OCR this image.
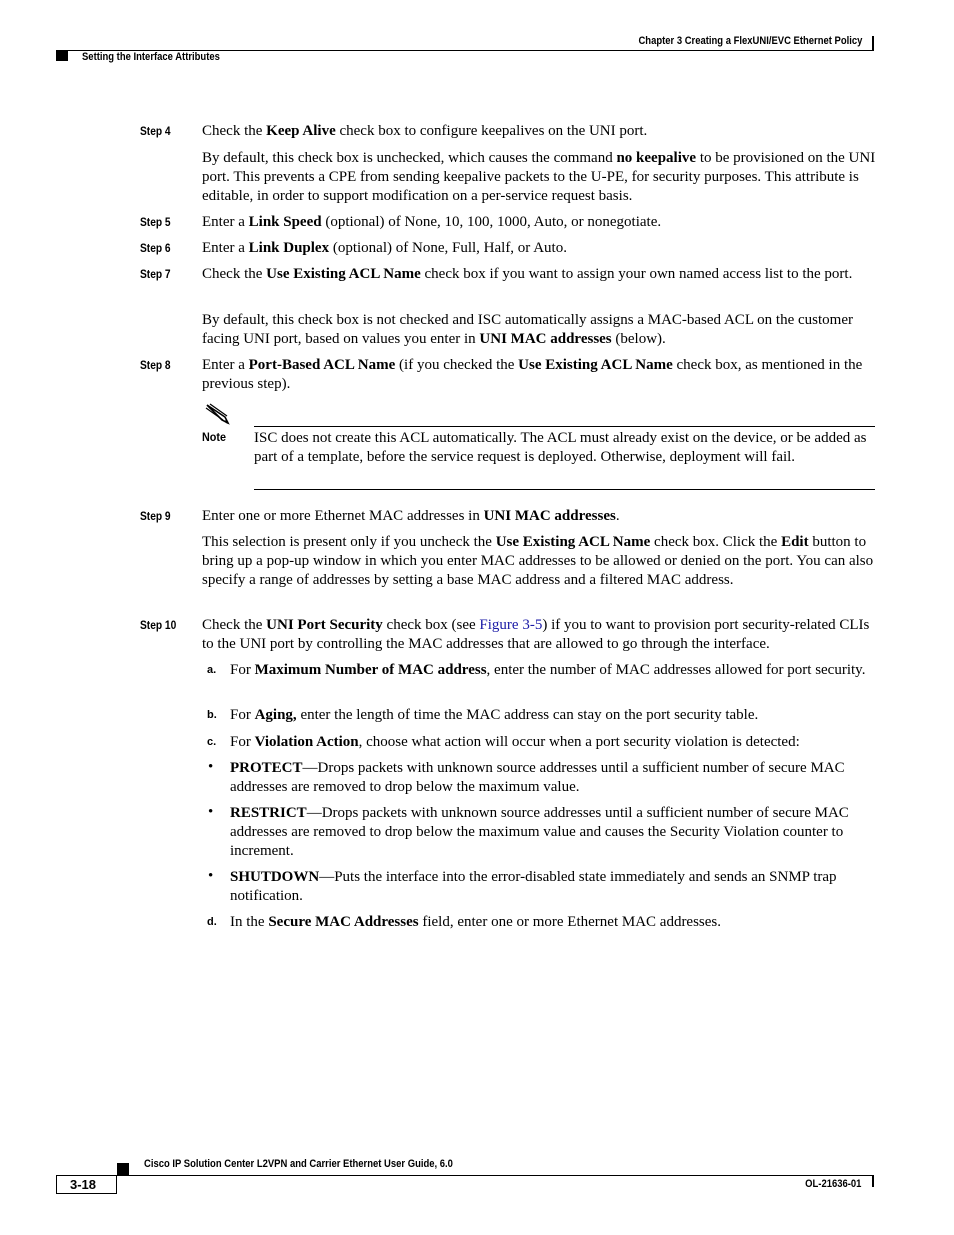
Chapter 3 Creating a FlexUNI/EVC Ethernet Policy
Setting the Interface Attributes
Step 4 Check the Keep Alive check box to configure keepalives on the UNI port.
By default, this check box is unchecked, which causes the command no keepalive to be provisioned on the UNI port. This prevents a CPE from sending keepalive packets to the U-PE, for security purposes. This attribute is editable, in order to support modification on a per-service request basis.
Step 5 Enter a Link Speed (optional) of None, 10, 100, 1000, Auto, or nonegotiate.
Step 6 Enter a Link Duplex (optional) of None, Full, Half, or Auto.
Step 7 Check the Use Existing ACL Name check box if you want to assign your own named access list to the port.
By default, this check box is not checked and ISC automatically assigns a MAC-based ACL on the customer facing UNI port, based on values you enter in UNI MAC addresses (below).
Step 8 Enter a Port-Based ACL Name (if you checked the Use Existing ACL Name check box, as mentioned in the previous step).
Note ISC does not create this ACL automatically. The ACL must already exist on the device, or be added as part of a template, before the service request is deployed. Otherwise, deployment will fail.
Step 9 Enter one or more Ethernet MAC addresses in UNI MAC addresses.
This selection is present only if you uncheck the Use Existing ACL Name check box. Click the Edit button to bring up a pop-up window in which you enter MAC addresses to be allowed or denied on the port. You can also specify a range of addresses by setting a base MAC address and a filtered MAC address.
Step 10 Check the UNI Port Security check box (see Figure 3-5) if you to want to provision port security-related CLIs to the UNI port by controlling the MAC addresses that are allowed to go through the interface.
a. For Maximum Number of MAC address, enter the number of MAC addresses allowed for port security.
b. For Aging, enter the length of time the MAC address can stay on the port security table.
c. For Violation Action, choose what action will occur when a port security violation is detected:
• PROTECT—Drops packets with unknown source addresses until a sufficient number of secure MAC addresses are removed to drop below the maximum value.
• RESTRICT—Drops packets with unknown source addresses until a sufficient number of secure MAC addresses are removed to drop below the maximum value and causes the Security Violation counter to increment.
• SHUTDOWN—Puts the interface into the error-disabled state immediately and sends an SNMP trap notification.
d. In the Secure MAC Addresses field, enter one or more Ethernet MAC addresses.
Cisco IP Solution Center L2VPN and Carrier Ethernet User Guide, 6.0
3-18	OL-21636-01
